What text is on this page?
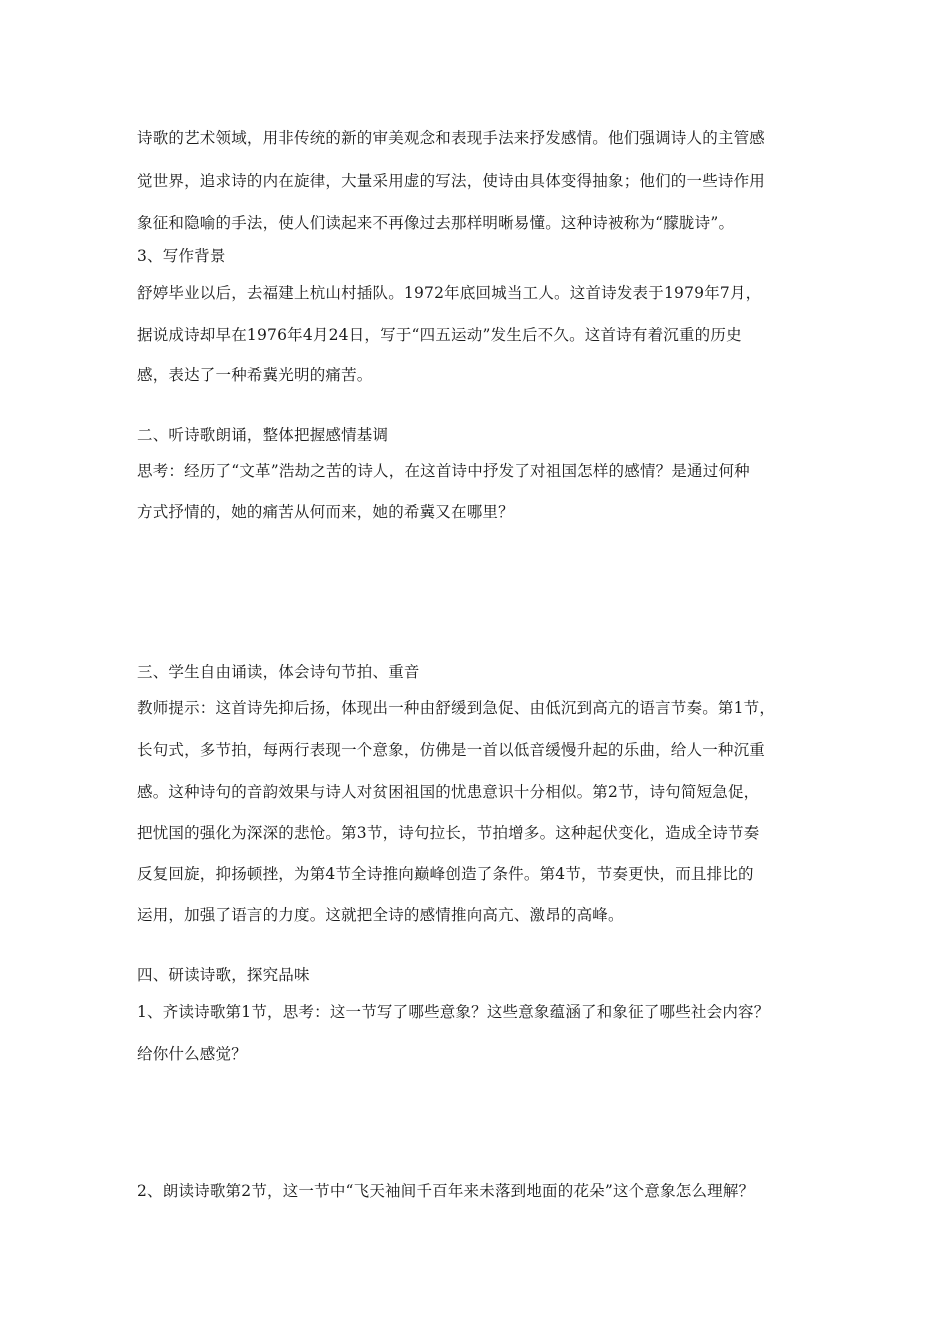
诗歌的艺术领域，用非传统的新的审美观念和表现手法来抒发感情。他们强调诗人的主管感
觉世界，追求诗的内在旋律，大量采用虚的写法，使诗由具体变得抽象；他们的一些诗作用
象征和隐喻的手法，使人们读起来不再像过去那样明晰易懂。这种诗被称为“朦胧诗”。
3、写作背景
舒婷毕业以后，去福建上杭山村插队。1972年底回城当工人。这首诗发表于1979年7月，
据说成诗却早在1976年4月24日，写于“四五运动”发生后不久。这首诗有着沉重的历史
感，表达了一种希冀光明的痛苦。
二、听诗歌朗诵，整体把握感情基调
思考：经历了“文革”浩劫之苦的诗人，在这首诗中抒发了对祖国怎样的感情？是通过何种
方式抒情的，她的痛苦从何而来，她的希冀又在哪里？
三、学生自由诵读，体会诗句节拍、重音
教师提示：这首诗先抑后扬，体现出一种由舒缓到急促、由低沉到高亢的语言节奏。第1节，
长句式，多节拍，每两行表现一个意象，仿佛是一首以低音缓慢升起的乐曲，给人一种沉重
感。这种诗句的音韵效果与诗人对贫困祖国的忧患意识十分相似。第2节，诗句简短急促，
把忧国的强化为深深的悲怆。第3节，诗句拉长，节拍增多。这种起伏变化，造成全诗节奏
反复回旋，抑扬顿挫，为第4节全诗推向巅峰创造了条件。第4节，节奏更快，而且排比的
运用，加强了语言的力度。这就把全诗的感情推向高亢、激昂的高峰。
四、研读诗歌，探究品味
1、齐读诗歌第1节，思考：这一节写了哪些意象？这些意象蕴涵了和象征了哪些社会内容？
给你什么感觉？
2、朗读诗歌第2节，这一节中“飞天袖间千百年来未落到地面的花朵”这个意象怎么理解？
